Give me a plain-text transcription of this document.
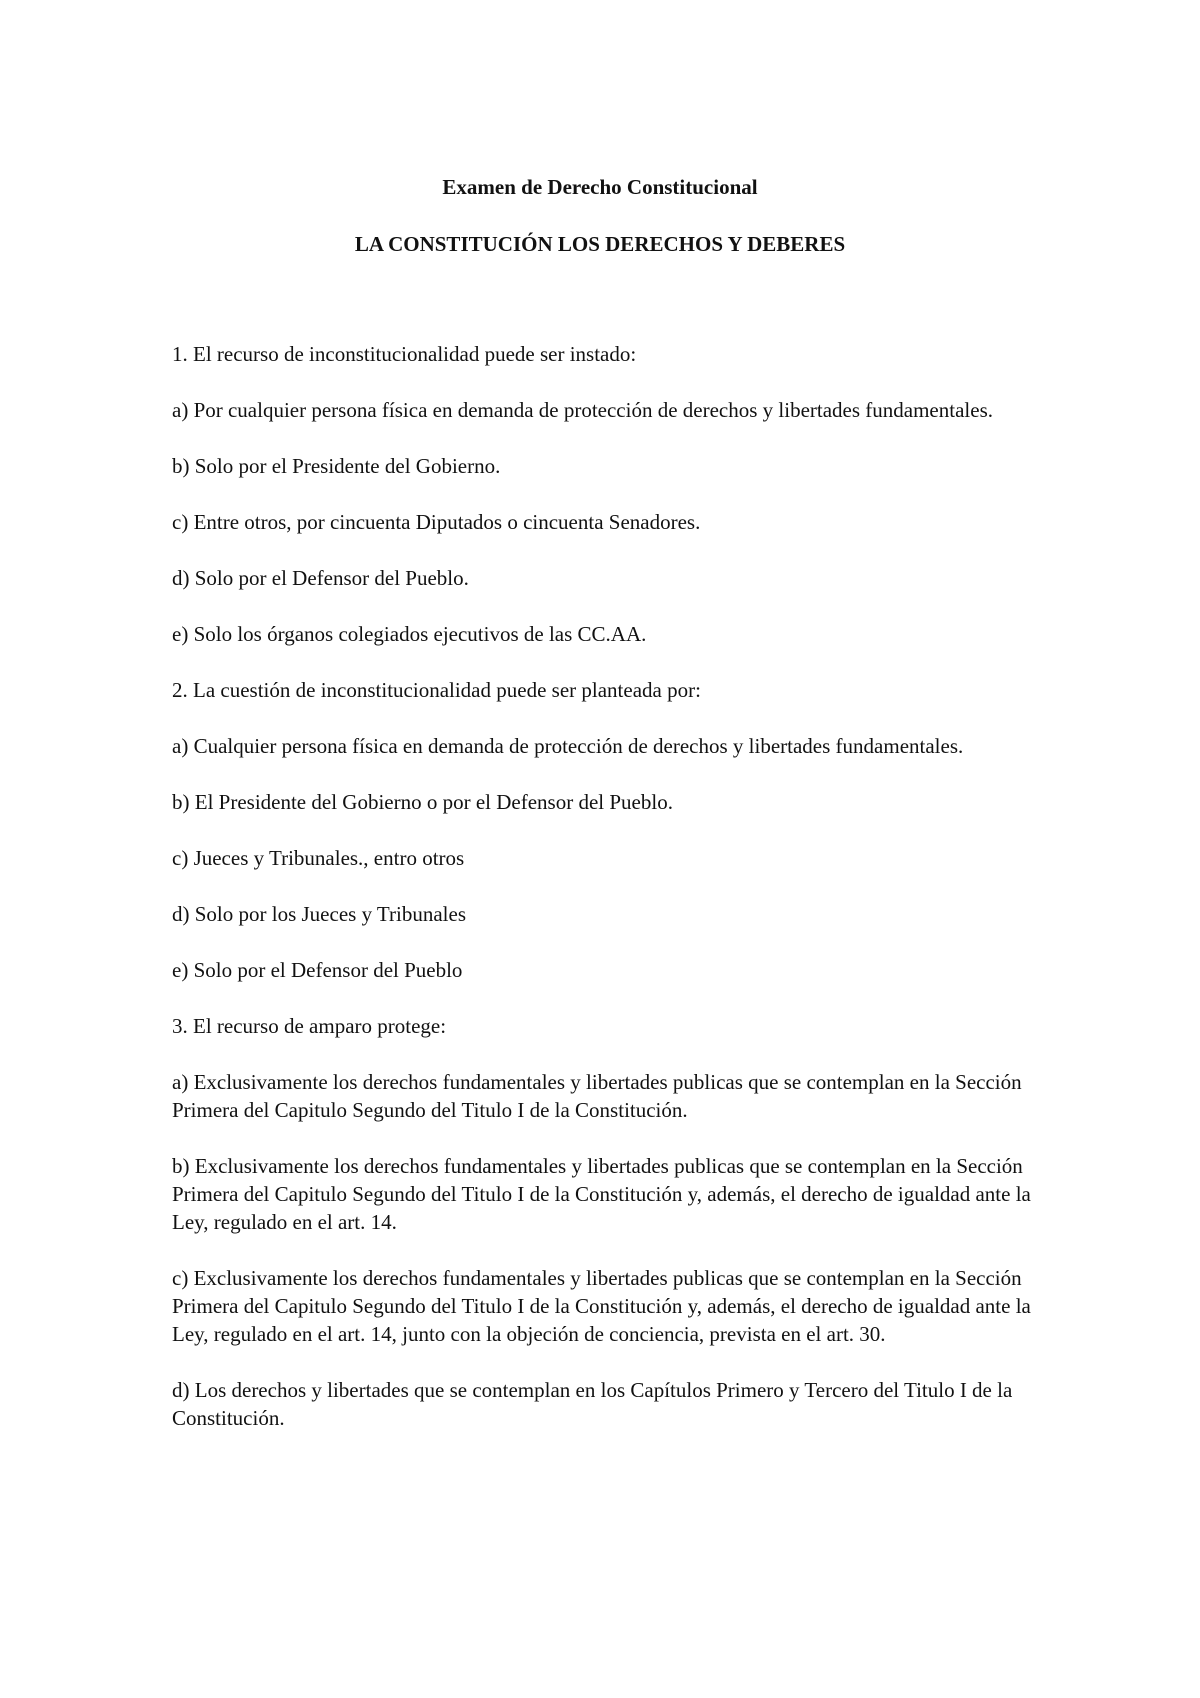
Examen de Derecho Constitucional
LA CONSTITUCIÓN LOS DERECHOS Y DEBERES

1. El recurso de inconstitucionalidad puede ser instado:

a) Por cualquier persona física en demanda de protección de derechos y libertades fundamentales.

b) Solo por el Presidente del Gobierno.

c) Entre otros, por cincuenta Diputados o cincuenta Senadores.

d) Solo por el Defensor del Pueblo.

e) Solo los órganos colegiados ejecutivos de las CC.AA.

2. La cuestión de inconstitucionalidad puede ser planteada por:

a) Cualquier persona física en demanda de protección de derechos y libertades fundamentales.

b) El Presidente del Gobierno o por el Defensor del Pueblo.

c) Jueces y Tribunales., entro otros

d) Solo por los Jueces y Tribunales

e) Solo por el Defensor del Pueblo

3. El recurso de amparo protege:

a) Exclusivamente los derechos fundamentales y libertades publicas que se contemplan en la Sección Primera del Capitulo Segundo del Titulo I de la Constitución.

b) Exclusivamente los derechos fundamentales y libertades publicas que se contemplan en la Sección Primera del Capitulo Segundo del Titulo I de la Constitución y, además, el derecho de igualdad ante la Ley, regulado en el art. 14.

c) Exclusivamente los derechos fundamentales y libertades publicas que se contemplan en la Sección Primera del Capitulo Segundo del Titulo I de la Constitución y, además, el derecho de igualdad ante la Ley, regulado en el art. 14, junto con la objeción de conciencia, prevista en el art. 30.

d) Los derechos y libertades que se contemplan en los Capítulos Primero y Tercero del Titulo I de la Constitución.
